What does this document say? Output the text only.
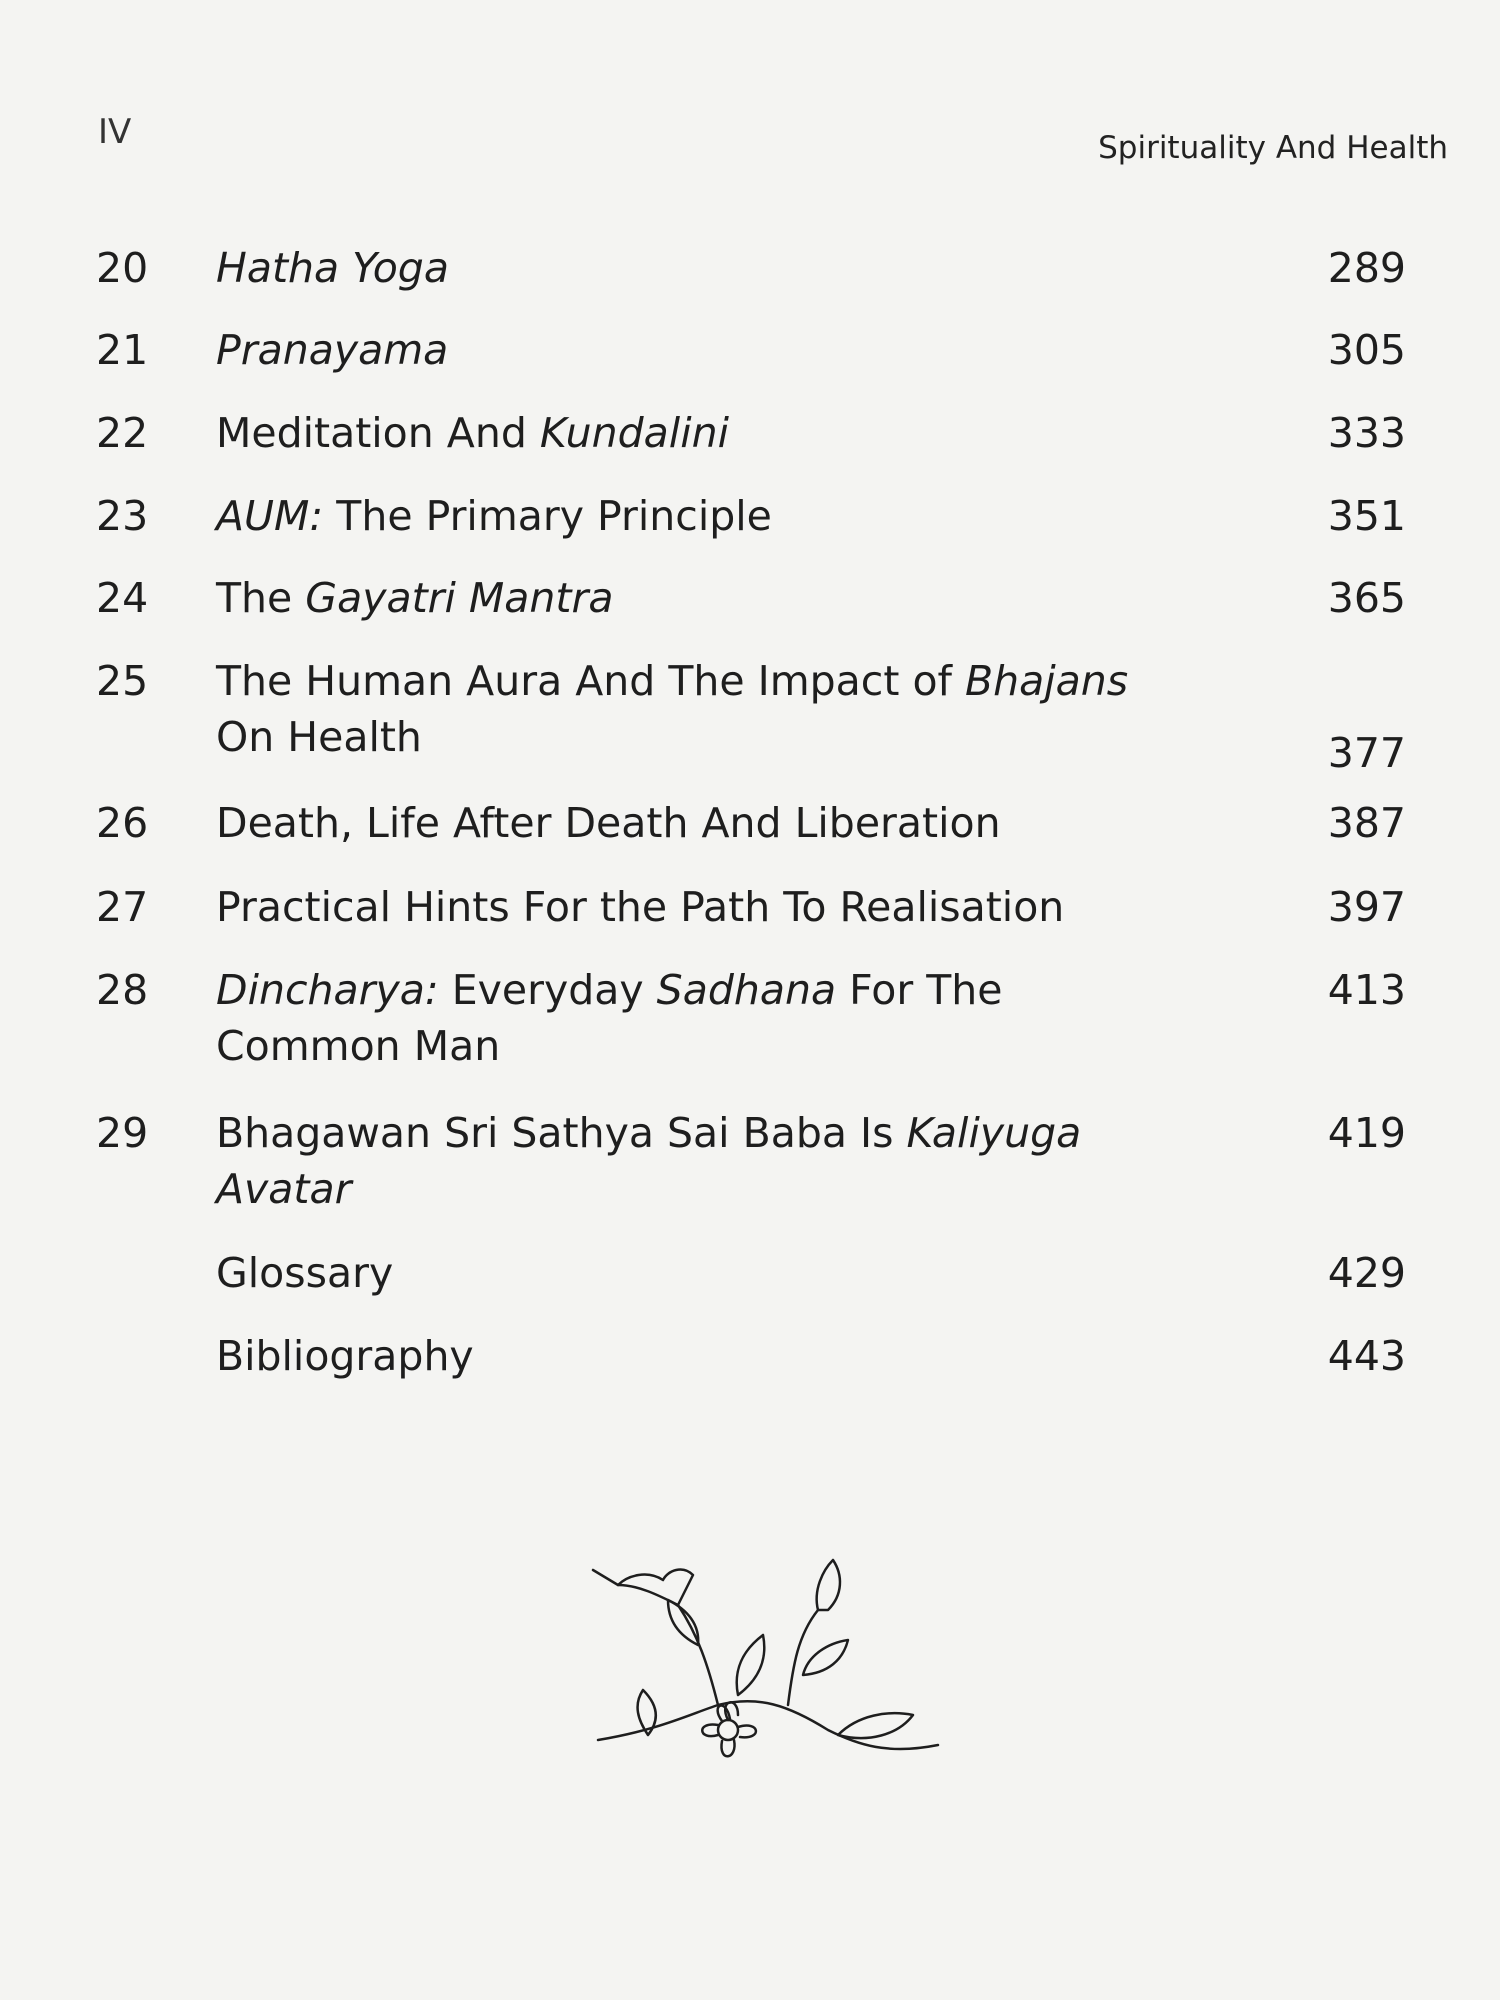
IV	Spirituality And Health
20	Hatha Yoga	289
21	Pranayama	305
22	Meditation And Kundalini	333
23	AUM: The Primary Principle	351
24	The Gayatri Mantra	365
25	The Human Aura And The Impact of Bhajans
On Health	377
26	Death, Life After Death And Liberation	387
27	Practical Hints For the Path To Realisation	397
28	Dincharya: Everyday Sadhana For The
Common Man
413
29	Bhagawan Sri Sathya Sai Baba Is Kaliyuga
Avatar
419
Glossary	429
Bibliography	443
